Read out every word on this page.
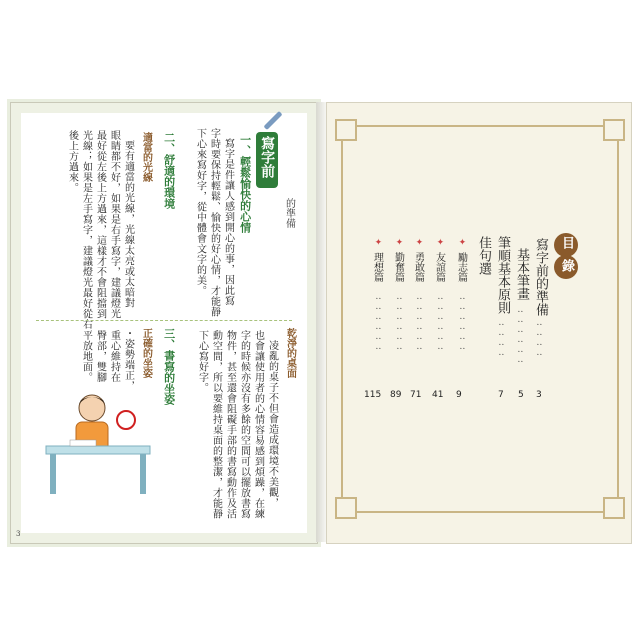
寫字前
的準備
一、輕鬆愉快的心情
寫字是件讓人感到開心的事，因此寫
字時要保持輕鬆、愉快的好心情，才能靜
下心來寫好字，從中體會文字的美。
二、舒適的環境
適當的光線
要有適當的光線，光線太亮或太暗對
眼睛都不好，如果是右手寫字，建議燈光
最好從左後上方過來，這樣才不會阻擋到
光線；如果是左手寫字，建議燈光最好從右
後上方過來。
乾淨的桌面
凌亂的桌子不但會造成環境不美觀，
也會讓使用者的心情容易感到煩躁，在練
字的時候亦沒有多餘的空間可以擺放書寫
物件，甚至還會阻礙手部的書寫動作及活
動空間，所以要維持桌面的整潔，才能靜
下心寫好字。
三、書寫的坐姿
正確的坐姿
・姿勢端正，
重心維持在
臀部，雙腳
平放地面。
3
目錄
寫字前的準備
‥‥‥‥
3
基本筆畫
‥‥‥‥‥‥
5
筆順基本原則
‥‥‥‥
7
佳句選
✦
勵志篇
‥‥‥‥‥‥
9
✦
友誼篇
‥‥‥‥‥‥
41
✦
勇敢篇
‥‥‥‥‥‥
71
✦
勤奮篇
‥‥‥‥‥‥
89
✦
理想篇
‥‥‥‥‥‥
115
